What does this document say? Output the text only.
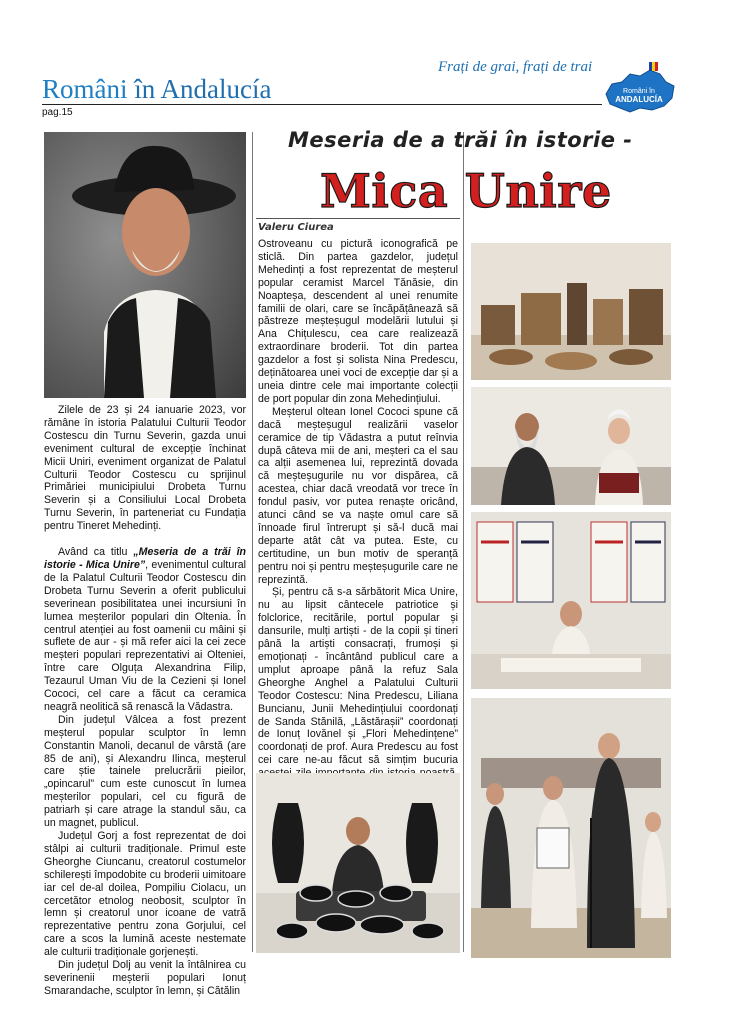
Români în Andalucía
Frați de grai, frați de trai
pag.15
Români în
ANDALUCÍA
Meseria de a trăi în istorie -
Mica Unire
Valeru Ciurea

Zilele de 23 și 24 ianuarie 2023, vor rămâne în istoria Palatului Culturii Teodor Costescu din Turnu Severin, gazda unui eveniment cultural de excepție închinat Micii Uniri, eveniment organizat de Palatul Culturii Teodor Costescu cu sprijinul Primăriei municipiului Drobeta Turnu Severin și a Consiliului Local Drobeta Turnu Severin, în parteneriat cu Fundația pentru Tineret Mehedinți.

Având ca titlu „Meseria de a trăi în istorie - Mica Unire”, evenimentul cultural de la Palatul Culturii Teodor Costescu din Drobeta Turnu Severin a oferit publicului severinean posibilitatea unei incursiuni în lumea meșterilor populari din Oltenia. În centrul atenției au fost oamenii cu mâini și suflete de aur - și mă refer aici la cei zece meșteri populari reprezentativi ai Olteniei, între care Olguța Alexandrina Filip, Tezaurul Uman Viu de la Cezieni și Ionel Cococi, cel care a făcut ca ceramica neagră neolitică să renască la Vădastra.

Din județul Vâlcea a fost prezent meșterul popular sculptor în lemn Constantin Manoli, decanul de vârstă (are 85 de ani), și Alexandru Ilinca, meșterul care știe tainele prelucrării pieilor, „opincarul” cum este cunoscut în lumea meșterilor populari, cel cu figură de patriarh și care atrage la standul său, ca un magnet, publicul.

Județul Gorj a fost reprezentat de doi stâlpi ai culturii tradiționale. Primul este Gheorghe Ciuncanu, creatorul costumelor schilerești împodobite cu broderii uimitoare iar cel de-al doilea, Pompiliu Ciolacu, un cercetător etnolog neobosit, sculptor în lemn și creatorul unor icoane de vatră reprezentative pentru zona Gorjului, cel care a scos la lumină aceste nestemate ale culturii tradiționale gorjenești.

Din județul Dolj au venit la întâlnirea cu severinenii meșterii populari Ionuț Smarandache, sculptor în lemn, și Cătălin

Ostroveanu cu pictură iconografică pe sticlă. Din partea gazdelor, județul Mehedinți a fost reprezentat de meșterul popular ceramist Marcel Tănăsie, din Noapteșa, descendent al unei renumite familii de olari, care se încăpățânează să păstreze meșteșugul modelării lutului și Ana Chițulescu, cea care realizează extraordinare broderii. Tot din partea gazdelor a fost și solista Nina Predescu, deținătoarea unei voci de excepție dar și a uneia dintre cele mai importante colecții de port popular din zona Mehedințiului.

Meșterul oltean Ionel Cococi spune că dacă meșteșugul realizării vaselor ceramice de tip Vădastra a putut reînvia după câteva mii de ani, meșteri ca el sau ca alții asemenea lui, reprezintă dovada că meșteșugurile nu vor dispărea, că acestea, chiar dacă vreodată vor trece în fondul pasiv, vor putea renaște oricând, atunci când se va naște omul care să înnoade firul întrerupt și să-l ducă mai departe atât cât va putea. Este, cu certitudine, un bun motiv de speranță pentru noi și pentru meșteșugurile care ne reprezintă.

Și, pentru că s-a sărbătorit Mica Unire, nu au lipsit cântecele patriotice și folclorice, recitările, portul popular și dansurile, mulți artiști - de la copii și tineri până la artiști consacrați, frumoși și emoționați - încântând publicul care a umplut aproape până la refuz Sala Gheorghe Anghel a Palatului Culturii Teodor Costescu: Nina Predescu, Liliana Buncianu, Junii Mehedințiului coordonați de Sanda Stănilă, „Lăstărașii” coordonați de Ionuț Iovănel și „Flori Mehedințene” coordonați de prof. Aura Predescu au fost cei care ne-au făcut să simțim bucuria
